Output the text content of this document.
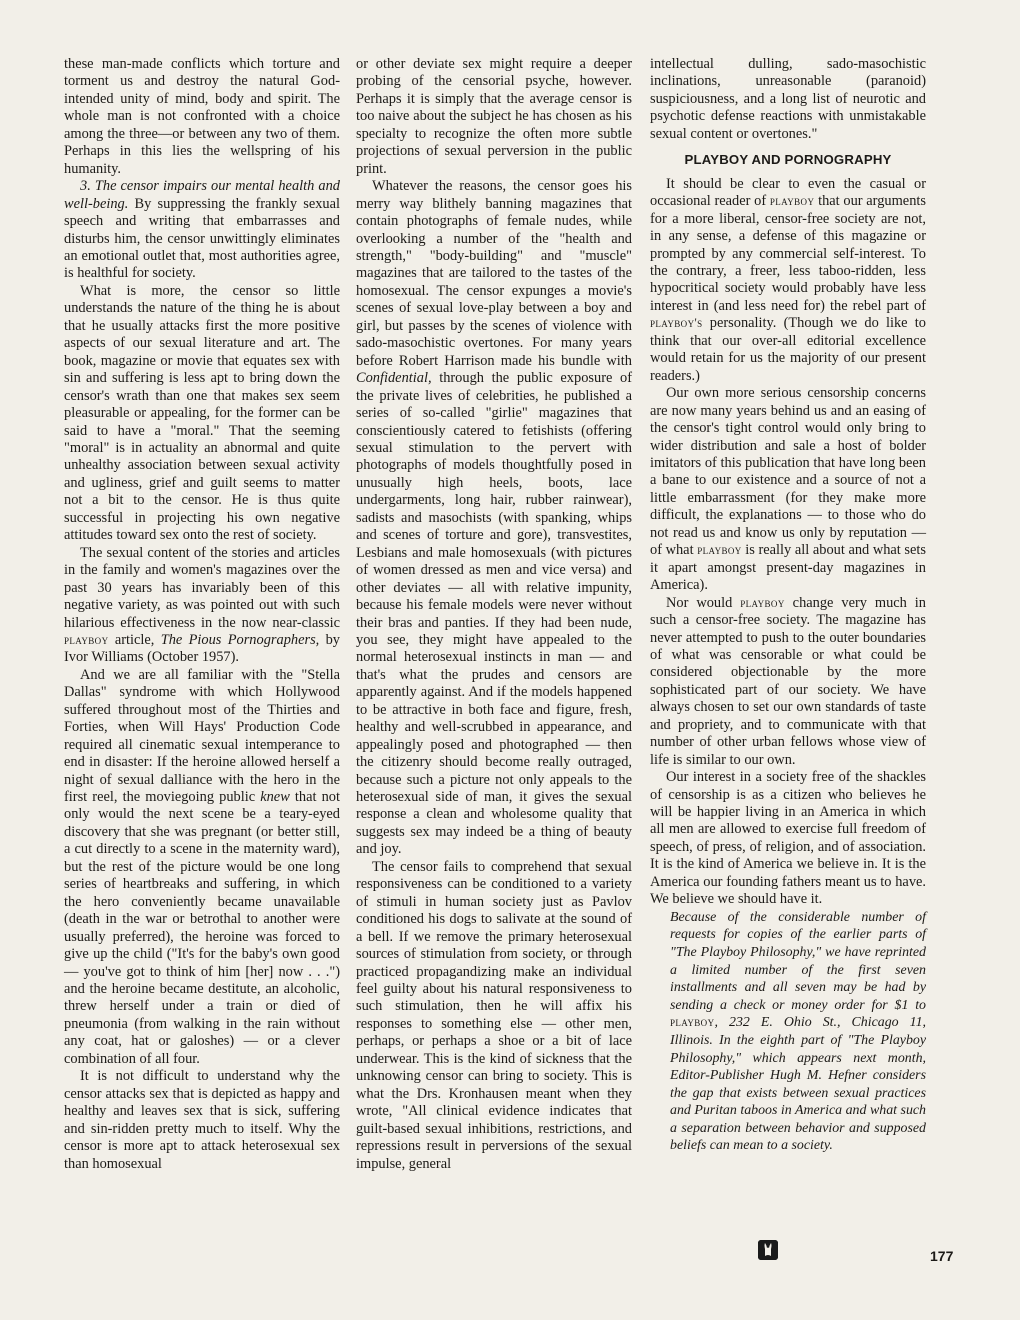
these man-made conflicts which torture and torment us and destroy the natural God-intended unity of mind, body and spirit. The whole man is not confronted with a choice among the three—or between any two of them. Perhaps in this lies the wellspring of his humanity.

3. The censor impairs our mental health and well-being. By suppressing the frankly sexual speech and writing that embarrasses and disturbs him, the censor unwittingly eliminates an emotional outlet that, most authorities agree, is healthful for society.

What is more, the censor so little understands the nature of the thing he is about that he usually attacks first the more positive aspects of our sexual literature and art. The book, magazine or movie that equates sex with sin and suffering is less apt to bring down the censor's wrath than one that makes sex seem pleasurable or appealing, for the former can be said to have a "moral." That the seeming "moral" is in actuality an abnormal and quite unhealthy association between sexual activity and ugliness, grief and guilt seems to matter not a bit to the censor. He is thus quite successful in projecting his own negative attitudes toward sex onto the rest of society.

The sexual content of the stories and articles in the family and women's magazines over the past 30 years has invariably been of this negative variety, as was pointed out with such hilarious effectiveness in the now near-classic playboy article, The Pious Pornographers, by Ivor Williams (October 1957).

And we are all familiar with the "Stella Dallas" syndrome with which Hollywood suffered throughout most of the Thirties and Forties, when Will Hays' Production Code required all cinematic sexual intemperance to end in disaster: If the heroine allowed herself a night of sexual dalliance with the hero in the first reel, the moviegoing public knew that not only would the next scene be a teary-eyed discovery that she was pregnant (or better still, a cut directly to a scene in the maternity ward), but the rest of the picture would be one long series of heartbreaks and suffering, in which the hero conveniently became unavailable (death in the war or betrothal to another were usually preferred), the heroine was forced to give up the child ("It's for the baby's own good — you've got to think of him [her] now . . .") and the heroine became destitute, an alcoholic, threw herself under a train or died of pneumonia (from walking in the rain without any coat, hat or galoshes) — or a clever combination of all four.

It is not difficult to understand why the censor attacks sex that is depicted as happy and healthy and leaves sex that is sick, suffering and sin-ridden pretty much to itself. Why the censor is more apt to attack heterosexual sex than homosexual

or other deviate sex might require a deeper probing of the censorial psyche, however. Perhaps it is simply that the average censor is too naive about the subject he has chosen as his specialty to recognize the often more subtle projections of sexual perversion in the public print.

Whatever the reasons, the censor goes his merry way blithely banning magazines that contain photographs of female nudes, while overlooking a number of the "health and strength," "body-building" and "muscle" magazines that are tailored to the tastes of the homosexual. The censor expunges a movie's scenes of sexual love-play between a boy and girl, but passes by the scenes of violence with sado-masochistic overtones. For many years before Robert Harrison made his bundle with Confidential, through the public exposure of the private lives of celebrities, he published a series of so-called "girlie" magazines that conscientiously catered to fetishists (offering sexual stimulation to the pervert with photographs of models thoughtfully posed in unusually high heels, boots, lace undergarments, long hair, rubber rainwear), sadists and masochists (with spanking, whips and scenes of torture and gore), transvestites, Lesbians and male homosexuals (with pictures of women dressed as men and vice versa) and other deviates — all with relative impunity, because his female models were never without their bras and panties. If they had been nude, you see, they might have appealed to the normal heterosexual instincts in man — and that's what the prudes and censors are apparently against. And if the models happened to be attractive in both face and figure, fresh, healthy and well-scrubbed in appearance, and appealingly posed and photographed — then the citizenry should become really outraged, because such a picture not only appeals to the heterosexual side of man, it gives the sexual response a clean and wholesome quality that suggests sex may indeed be a thing of beauty and joy.

The censor fails to comprehend that sexual responsiveness can be conditioned to a variety of stimuli in human society just as Pavlov conditioned his dogs to salivate at the sound of a bell. If we remove the primary heterosexual sources of stimulation from society, or through practiced propagandizing make an individual feel guilty about his natural responsiveness to such stimulation, then he will affix his responses to something else — other men, perhaps, or perhaps a shoe or a bit of lace underwear. This is the kind of sickness that the unknowing censor can bring to society. This is what the Drs. Kronhausen meant when they wrote, "All clinical evidence indicates that guilt-based sexual inhibitions, restrictions, and repressions result in perversions of the sexual impulse, general

intellectual dulling, sado-masochistic inclinations, unreasonable (paranoid) suspiciousness, and a long list of neurotic and psychotic defense reactions with unmistakable sexual content or overtones."

PLAYBOY AND PORNOGRAPHY

It should be clear to even the casual or occasional reader of playboy that our arguments for a more liberal, censor-free society are not, in any sense, a defense of this magazine or prompted by any commercial self-interest. To the contrary, a freer, less taboo-ridden, less hypocritical society would probably have less interest in (and less need for) the rebel part of playboy's personality. (Though we do like to think that our over-all editorial excellence would retain for us the majority of our present readers.)

Our own more serious censorship concerns are now many years behind us and an easing of the censor's tight control would only bring to wider distribution and sale a host of bolder imitators of this publication that have long been a bane to our existence and a source of not a little embarrassment (for they make more difficult, the explanations — to those who do not read us and know us only by reputation — of what playboy is really all about and what sets it apart amongst present-day magazines in America).

Nor would playboy change very much in such a censor-free society. The magazine has never attempted to push to the outer boundaries of what was censorable or what could be considered objectionable by the more sophisticated part of our society. We have always chosen to set our own standards of taste and propriety, and to communicate with that number of other urban fellows whose view of life is similar to our own.

Our interest in a society free of the shackles of censorship is as a citizen who believes he will be happier living in an America in which all men are allowed to exercise full freedom of speech, of press, of religion, and of association. It is the kind of America we believe in. It is the America our founding fathers meant us to have. We believe we should have it.

Because of the considerable number of requests for copies of the earlier parts of "The Playboy Philosophy," we have reprinted a limited number of the first seven installments and all seven may be had by sending a check or money order for $1 to playboy, 232 E. Ohio St., Chicago 11, Illinois. In the eighth part of "The Playboy Philosophy," which appears next month, Editor-Publisher Hugh M. Hefner considers the gap that exists between sexual practices and Puritan taboos in America and what such a separation between behavior and supposed beliefs can mean to a society.

177
